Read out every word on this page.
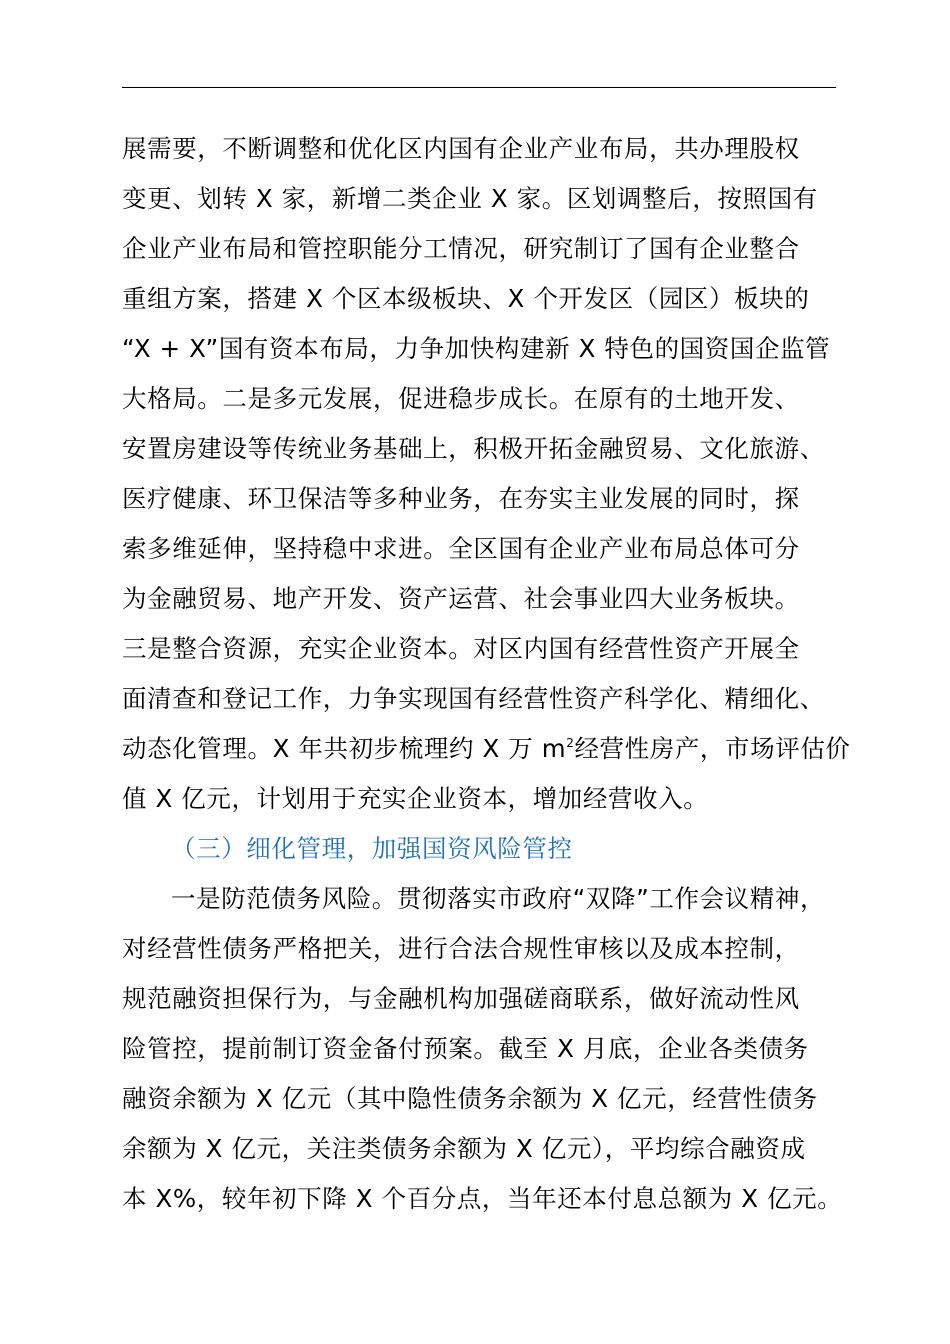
展需要，不断调整和优化区内国有企业产业布局，共办理股权
变更、划转 X 家，新增二类企业 X 家。区划调整后，按照国有
企业产业布局和管控职能分工情况，研究制订了国有企业整合
重组方案，搭建 X 个区本级板块、X 个开发区（园区）板块的
“X + X”国有资本布局，力争加快构建新 X 特色的国资国企监管
大格局。二是多元发展，促进稳步成长。在原有的土地开发、
安置房建设等传统业务基础上，积极开拓金融贸易、文化旅游、
医疗健康、环卫保洁等多种业务，在夯实主业发展的同时，探
索多维延伸，坚持稳中求进。全区国有企业产业布局总体可分
为金融贸易、地产开发、资产运营、社会事业四大业务板块。
三是整合资源，充实企业资本。对区内国有经营性资产开展全
面清查和登记工作，力争实现国有经营性资产科学化、精细化、
动态化管理。X 年共初步梳理约 X 万 $m^2$经营性房产，市场评估价
值 X 亿元，计划用于充实企业资本，增加经营收入。
（三）细化管理，加强国资风险管控
一是防范债务风险。贯彻落实市政府“双降”工作会议精神，
对经营性债务严格把关，进行合法合规性审核以及成本控制，
规范融资担保行为，与金融机构加强磋商联系，做好流动性风
险管控，提前制订资金备付预案。截至 X 月底，企业各类债务
融资余额为 X 亿元（其中隐性债务余额为 X 亿元，经营性债务
余额为 X 亿元，关注类债务余额为 X 亿元），平均综合融资成
本 X%，较年初下降 X 个百分点，当年还本付息总额为 X 亿元。
